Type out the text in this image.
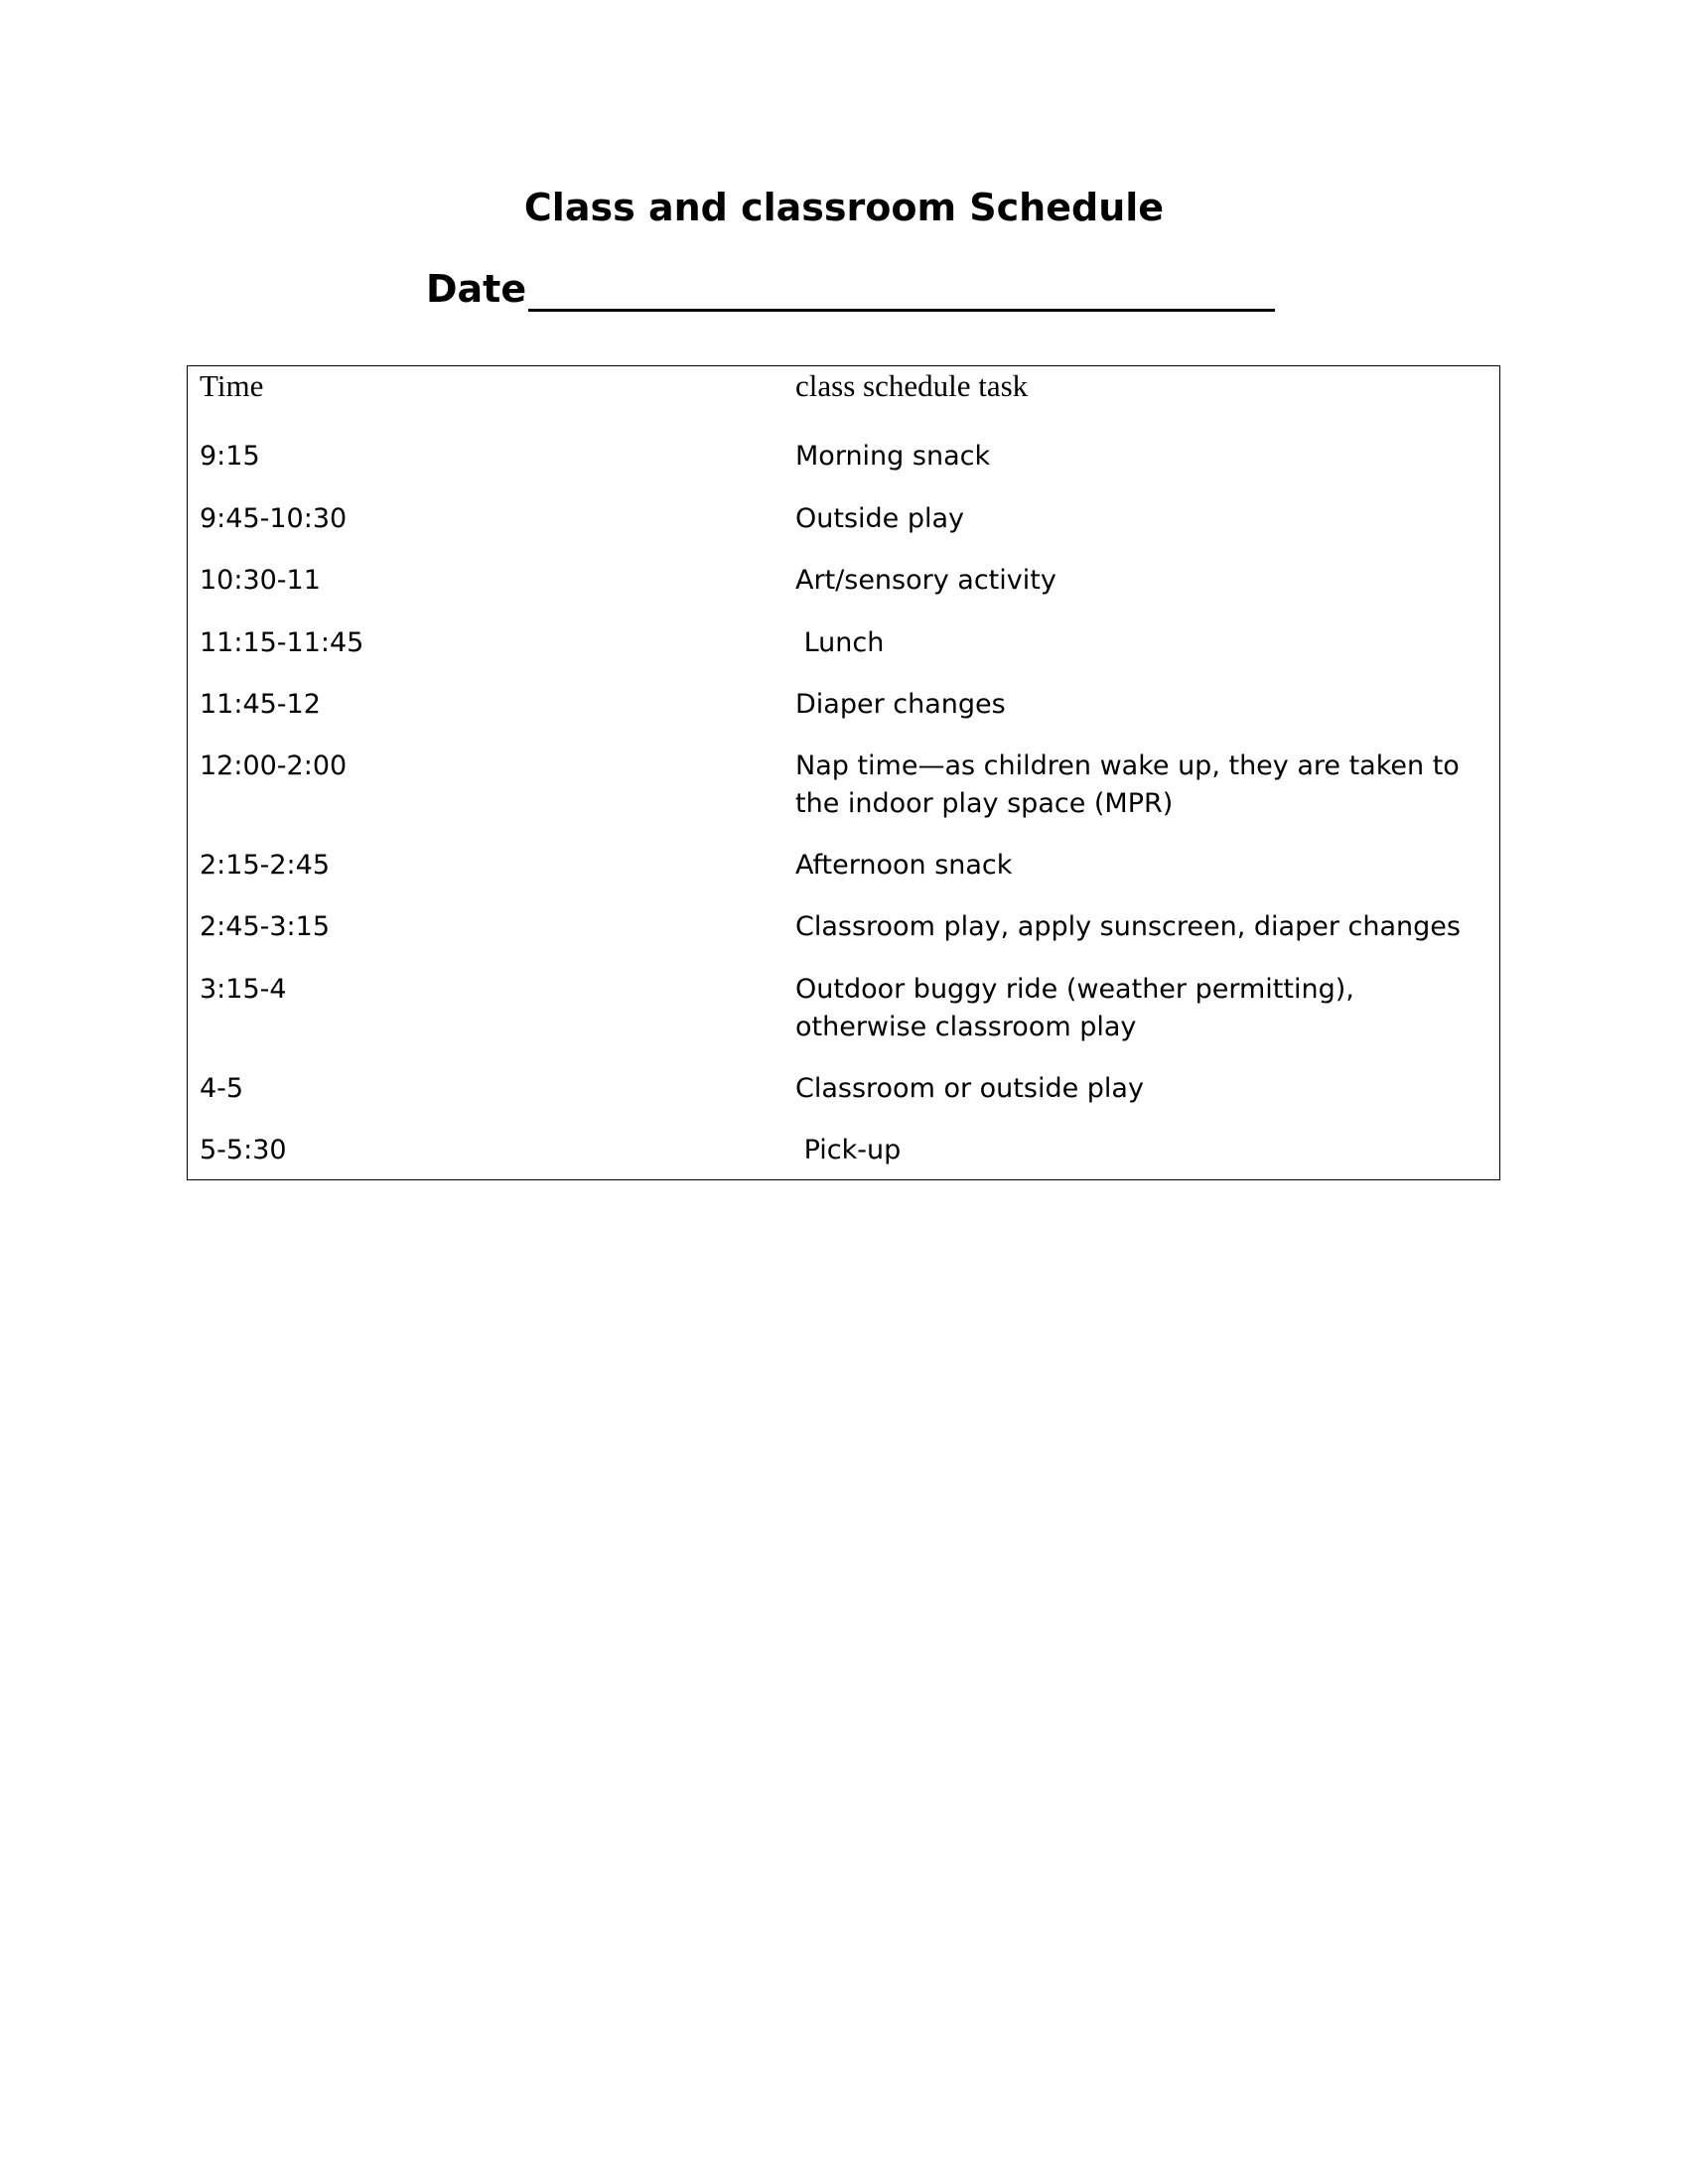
Class and classroom Schedule
Date
Time	class schedule task
9:15	Morning snack
9:45-10:30	Outside play
10:30-11	Art/sensory activity
11:15-11:45	Lunch
11:45-12	Diaper changes
12:00-2:00	Nap time—as children wake up, they are taken to the indoor play space (MPR)
2:15-2:45	Afternoon snack
2:45-3:15	Classroom play, apply sunscreen, diaper changes
3:15-4	Outdoor buggy ride (weather permitting), otherwise classroom play
4-5	Classroom or outside play
5-5:30	Pick-up
